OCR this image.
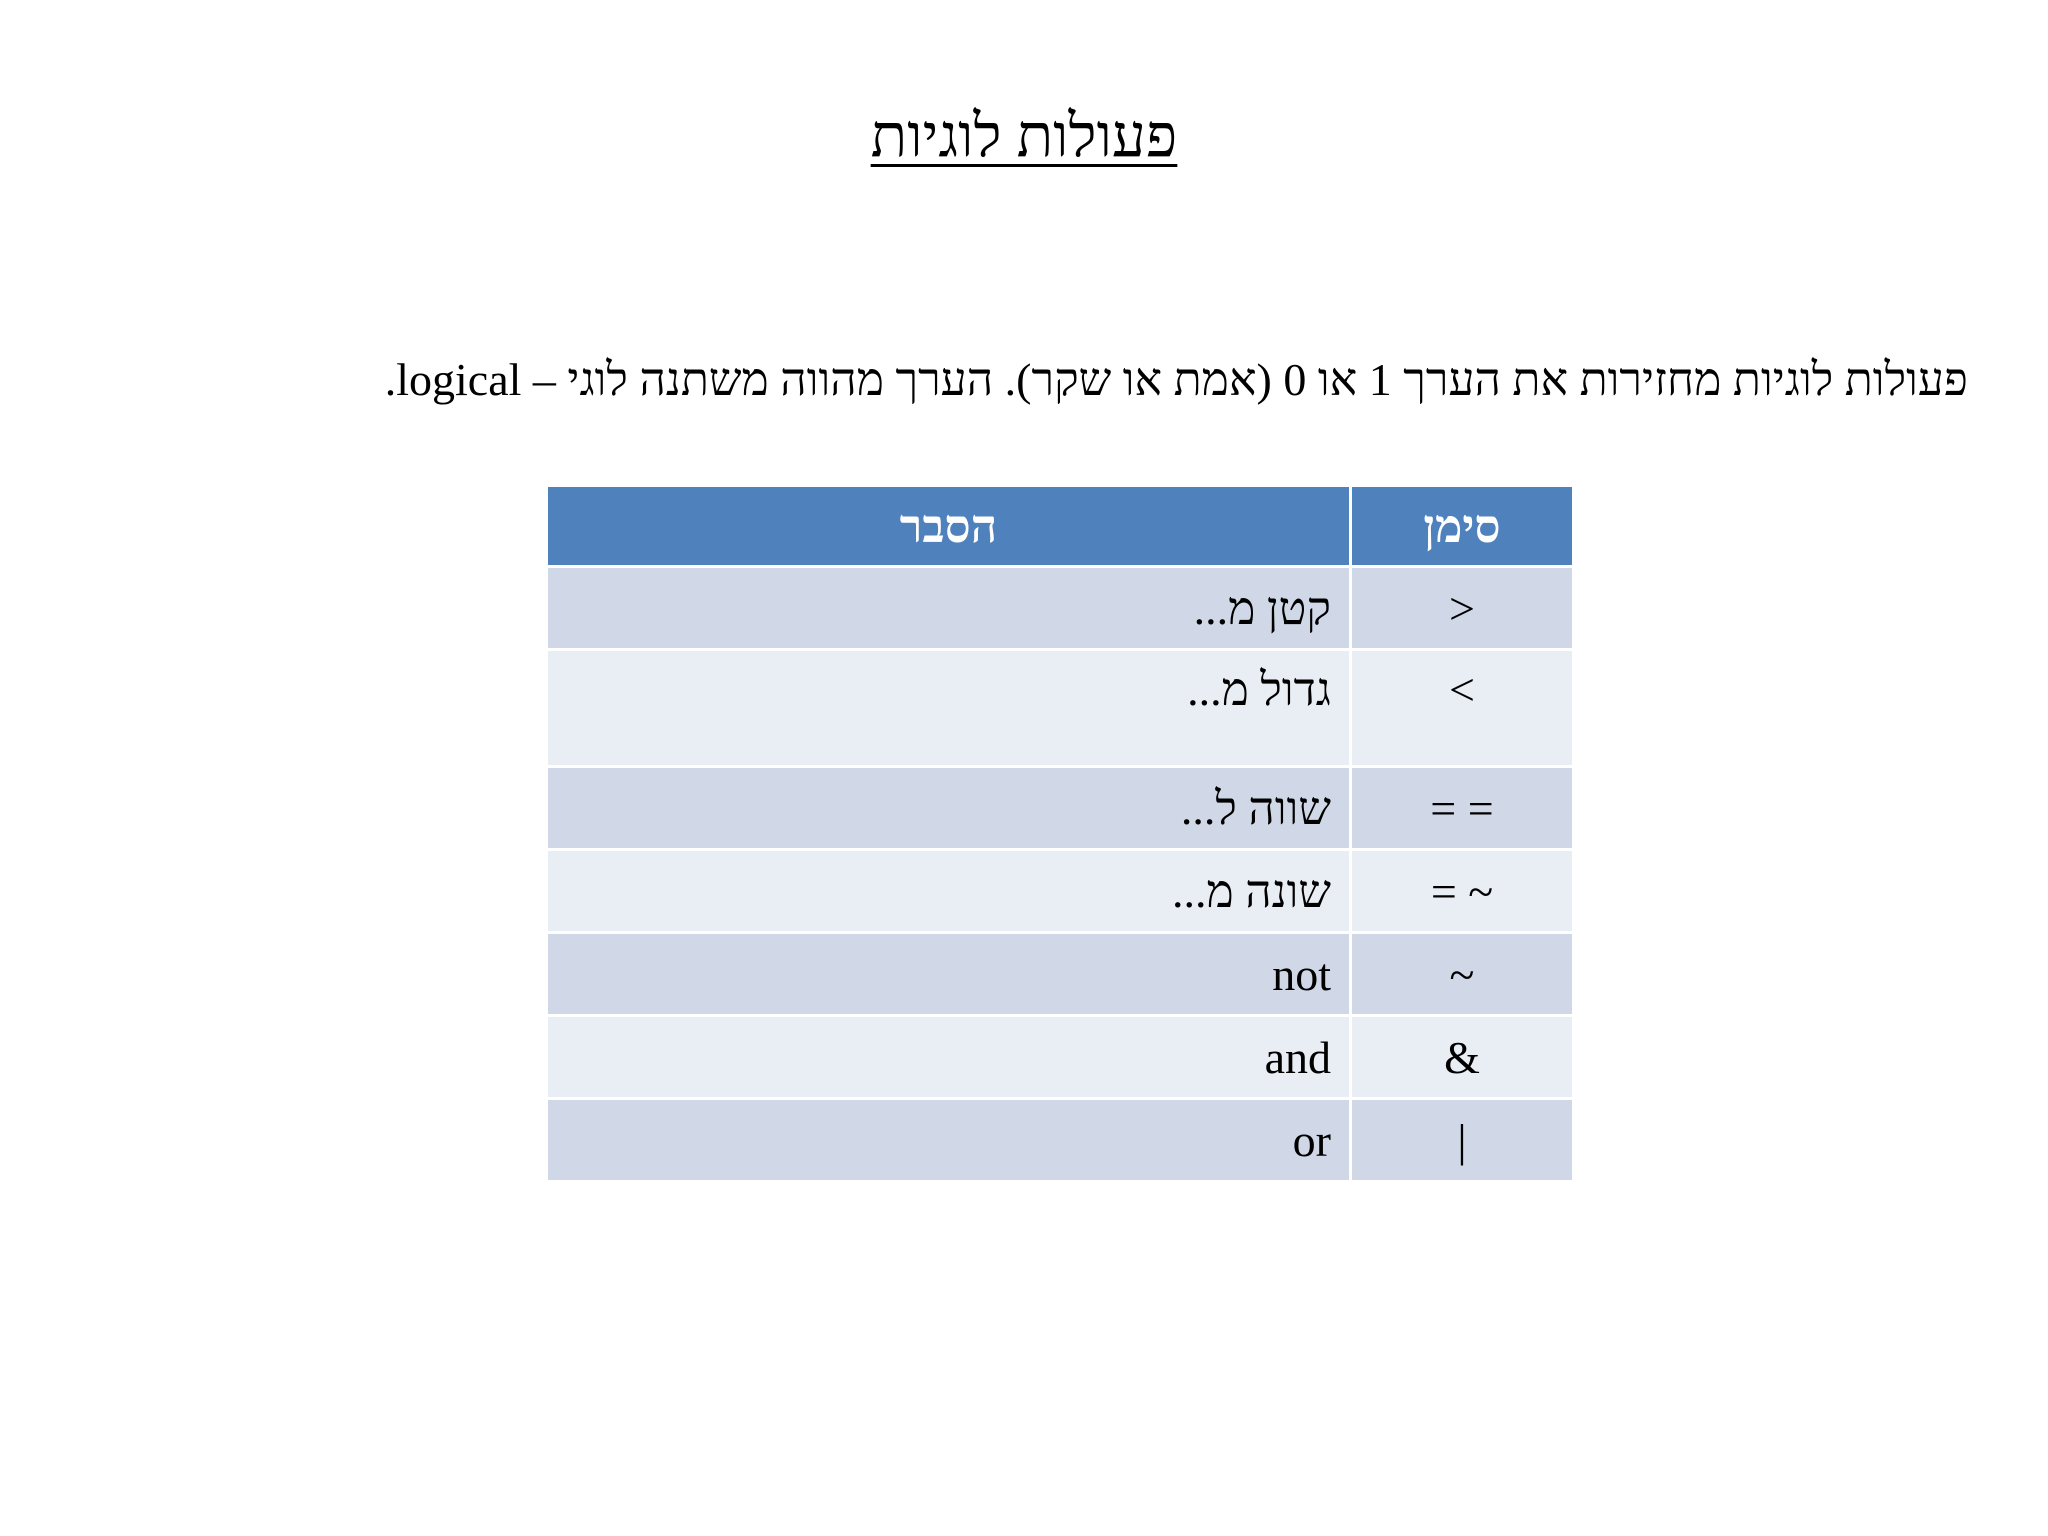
פעולות לוגיות

פעולות לוגיות מחזירות את הערך 1 או 0 (אמת או שקר). הערך מהווה משתנה לוגי – logical.

סימן	הסבר
<	קטן מ...
>	גדול מ...
= =	שווה ל...
~ =	שונה מ...
~	not
&	and
|	or
